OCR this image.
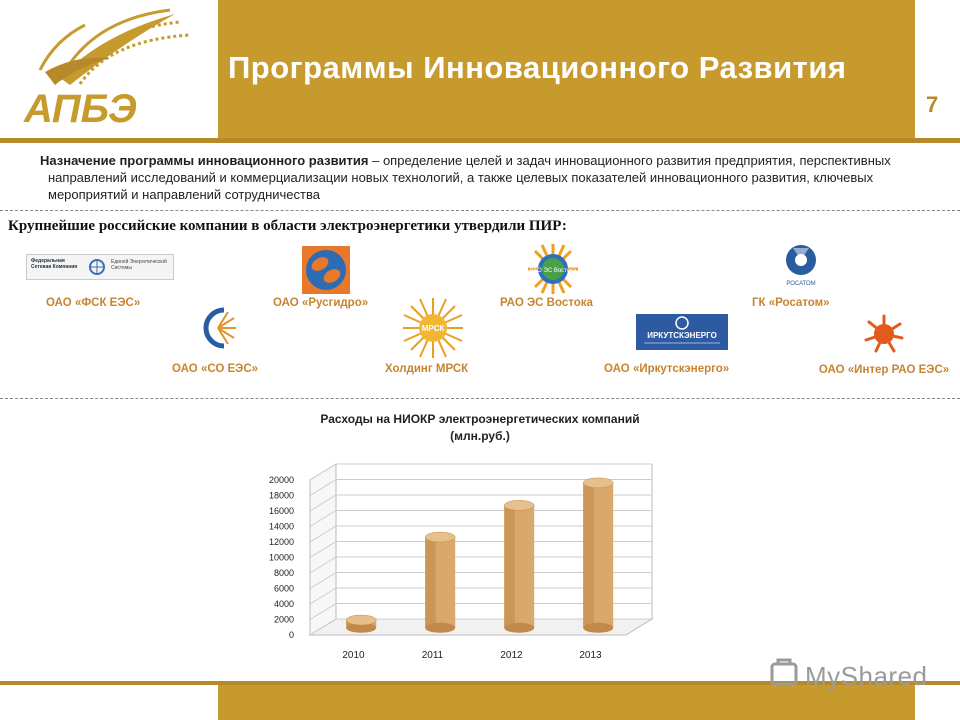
АПБЭ
Программы Инновационного Развития
7
Назначение программы инновационного развития – определение целей и задач инновационного развития предприятия, перспективных направлений исследований и коммерциализации новых технологий, а также целевых показателей инновационного развития, ключевых мероприятий и направлений сотрудничества
Крупнейшие российские компании в области электроэнергетики утвердили ПИР:
Федеральная Сетевая Компания
Единой Энергетической Системы
ОАО «ФСК ЕЭС»	ОАО «Русгидро»
РАО ЭС Востока
РАО ЭС Востока
РОСАТОМ
ГК «Росатом»
ОАО «СО ЕЭС»
МРСК
Холдинг МРСК
ИРКУТСКЭНЕРГО
ОАО «Иркутскэнерго»	ОАО «Интер РАО ЕЭС»
Расходы на НИОКР электроэнергетических компаний
(млн.руб.)
0
2000
4000
6000
8000
10000
12000
14000
16000
18000
20000
2010	2011	2012	2013
MyShared
